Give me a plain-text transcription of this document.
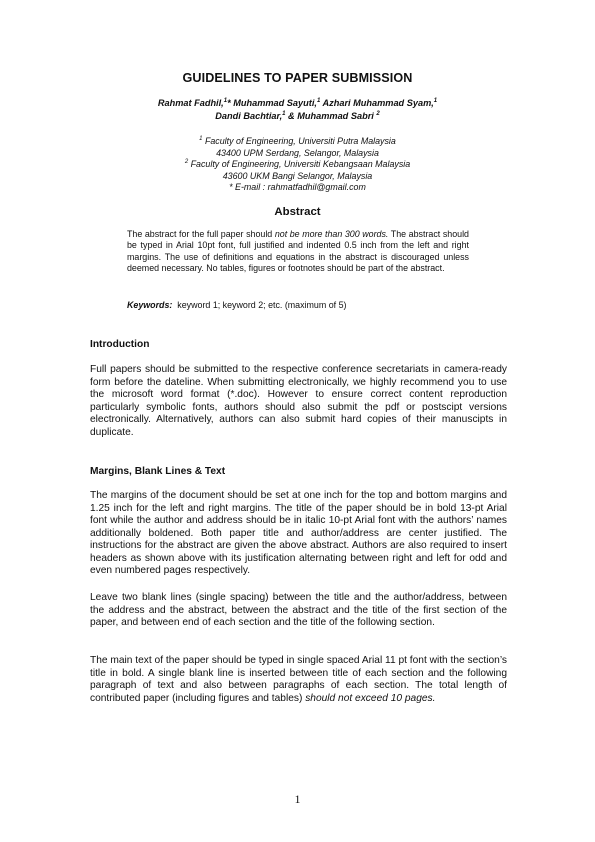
GUIDELINES TO PAPER SUBMISSION
Rahmat Fadhil,$^1$* Muhammad Sayuti,$^1$ Azhari Muhammad Syam,$^1$
Dandi Bachtiar,$^1$ & Muhammad Sabri $^2$
$^1$ Faculty of Engineering, Universiti Putra Malaysia
43400 UPM Serdang, Selangor, Malaysia
$^2$ Faculty of Engineering, Universiti Kebangsaan Malaysia
43600 UKM Bangi Selangor, Malaysia
* E-mail : rahmatfadhil@gmail.com
Abstract
The abstract for the full paper should not be more than 300 words. The abstract should be typed in Arial 10pt font, full justified and indented 0.5 inch from the left and right margins. The use of definitions and equations in the abstract is discouraged unless deemed necessary. No tables, figures or footnotes should be part of the abstract.
Keywords:  keyword 1; keyword 2; etc. (maximum of 5)
Introduction
Full papers should be submitted to the respective conference secretariats in camera-ready form before the dateline. When submitting electronically, we highly recommend you to use the microsoft word format (*.doc). However to ensure correct content reproduction particularly symbolic fonts, authors should also submit the pdf or postscipt versions electronically. Alternatively, authors can also submit hard copies of their manuscipts in duplicate.
Margins, Blank Lines & Text
The margins of the document should be set at one inch for the top and bottom margins and 1.25 inch for the left and right margins. The title of the paper should be in bold 13-pt Arial font while the author and address should be in italic 10-pt Arial font with the authors’ names additionally boldened. Both paper title and author/address are center justified. The instructions for the abstract are given the above abstract. Authors are also required to insert headers as shown above with its justification alternating between right and left for odd and even numbered pages respectively.
Leave two blank lines (single spacing) between the title and the author/address, between the address and the abstract, between the abstract and the title of the first section of the paper, and between end of each section and the title of the following section.
The main text of the paper should be typed in single spaced Arial 11 pt font with the section’s title in bold. A single blank line is inserted between title of each section and the following paragraph of text and also between paragraphs of each section. The total length of contributed paper (including figures and tables) should not exceed 10 pages.
1
